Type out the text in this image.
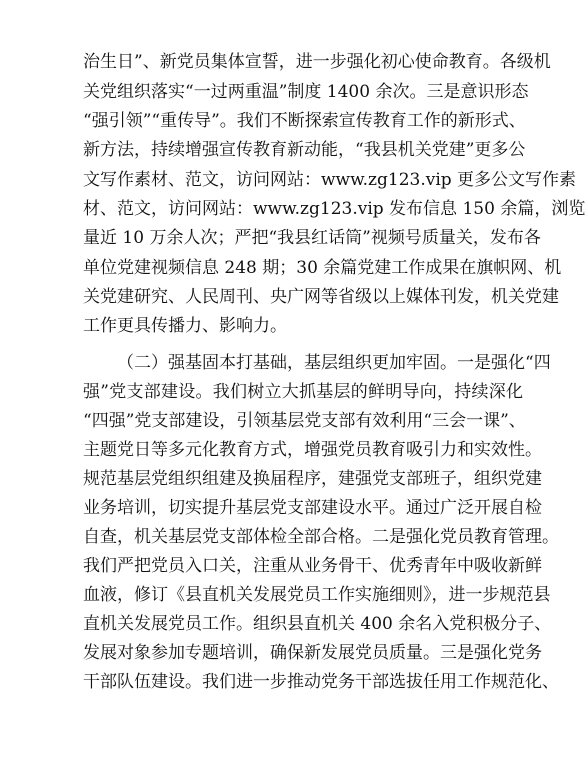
治生日”、新党员集体宣誓，进一步强化初心使命教育。各级机
关党组织落实“一过两重温”制度 1400 余次。三是意识形态
“强引领”“重传导”。我们不断探索宣传教育工作的新形式、
新方法，持续增强宣传教育新动能，“我县机关党建”更多公
文写作素材、范文，访问网站：www.zg123.vip 更多公文写作素
材、范文，访问网站：www.zg123.vip 发布信息 150 余篇，浏览
量近 10 万余人次；严把“我县红话筒”视频号质量关，发布各
单位党建视频信息 248 期；30 余篇党建工作成果在旗帜网、机
关党建研究、人民周刊、央广网等省级以上媒体刊发，机关党建
工作更具传播力、影响力。
（二）强基固本打基础，基层组织更加牢固。一是强化“四
强”党支部建设。我们树立大抓基层的鲜明导向，持续深化
“四强”党支部建设，引领基层党支部有效利用“三会一课”、
主题党日等多元化教育方式，增强党员教育吸引力和实效性。
规范基层党组织组建及换届程序，建强党支部班子，组织党建
业务培训，切实提升基层党支部建设水平。通过广泛开展自检
自查，机关基层党支部体检全部合格。二是强化党员教育管理。
我们严把党员入口关，注重从业务骨干、优秀青年中吸收新鲜
血液，修订《县直机关发展党员工作实施细则》，进一步规范县
直机关发展党员工作。组织县直机关 400 余名入党积极分子、
发展对象参加专题培训，确保新发展党员质量。三是强化党务
干部队伍建设。我们进一步推动党务干部选拔任用工作规范化、
